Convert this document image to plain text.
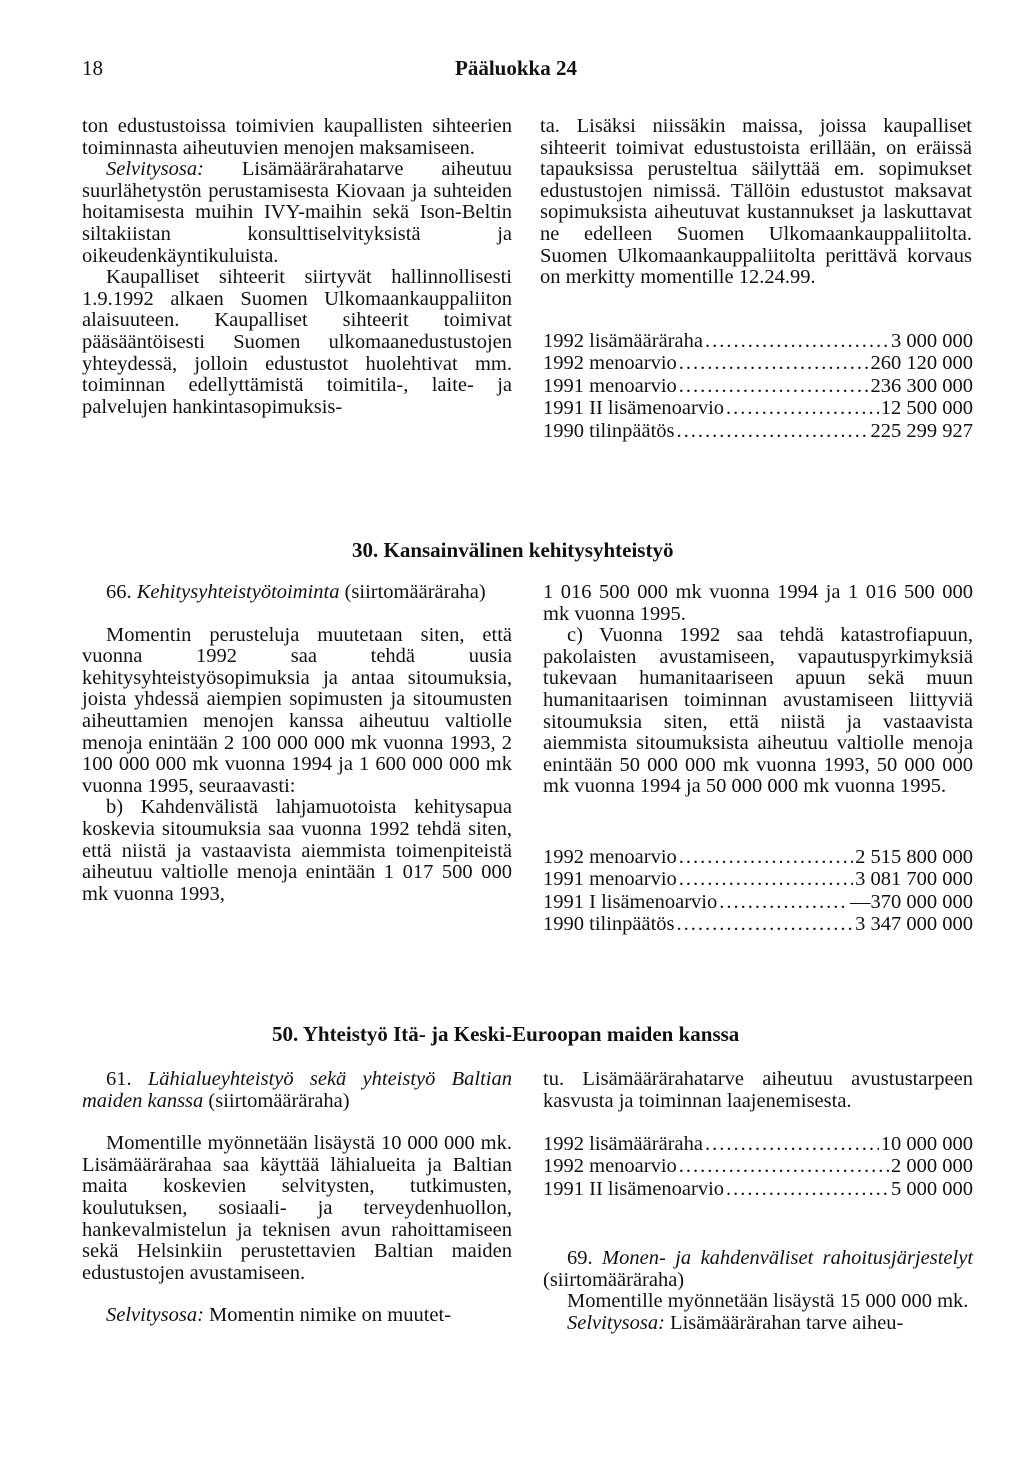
18	Pääluokka 24

ton edustustoissa toimivien kaupallisten sihteerien toiminnasta aiheutuvien menojen maksamiseen.

Selvitysosa: Lisämäärärahatarve aiheutuu suurlähetystön perustamisesta Kiovaan ja suhteiden hoitamisesta muihin IVY-maihin sekä Ison-Beltin siltakiistan konsulttiselvityksistä ja oikeudenkäyntikuluista.

Kaupalliset sihteerit siirtyvät hallinnollisesti 1.9.1992 alkaen Suomen Ulkomaankauppaliiton alaisuuteen. Kaupalliset sihteerit toimivat pääsääntöisesti Suomen ulkomaanedustustojen yhteydessä, jolloin edustustot huolehtivat mm. toiminnan edellyttämistä toimitila-, laite- ja palvelujen hankintasopimuksis-

ta. Lisäksi niissäkin maissa, joissa kaupalliset sihteerit toimivat edustustoista erillään, on eräissä tapauksissa perusteltua säilyttää em. sopimukset edustustojen nimissä. Tällöin edustustot maksavat sopimuksista aiheutuvat kustannukset ja laskuttavat ne edelleen Suomen Ulkomaankauppaliitolta. Suomen Ulkomaankauppaliitolta perittävä korvaus on merkitty momentille 12.24.99.

1992 lisämääräraha .....	3 000 000
1992 menoarvio .....	260 120 000
1991 menoarvio .....	236 300 000
1991 II lisämenoarvio .....	12 500 000
1990 tilinpäätös .....	225 299 927
30. Kansainvälinen kehitysyhteistyö

66. Kehitysyhteistyötoiminta (siirtomääräraha)

Momentin perusteluja muutetaan siten, että vuonna 1992 saa tehdä uusia kehitysyhteistyösopimuksia ja antaa sitoumuksia, joista yhdessä aiempien sopimusten ja sitoumusten aiheuttamien menojen kanssa aiheutuu valtiolle menoja enintään 2 100 000 000 mk vuonna 1993, 2 100 000 000 mk vuonna 1994 ja 1 600 000 000 mk vuonna 1995, seuraavasti:

b) Kahdenvälistä lahjamuotoista kehitysapua koskevia sitoumuksia saa vuonna 1992 tehdä siten, että niistä ja vastaavista aiemmista toimenpiteistä aiheutuu valtiolle menoja enintään 1 017 500 000 mk vuonna 1993,

1 016 500 000 mk vuonna 1994 ja 1 016 500 000 mk vuonna 1995.

c) Vuonna 1992 saa tehdä katastrofiapuun, pakolaisten avustamiseen, vapautuspyrkimyksiä tukevaan humanitaariseen apuun sekä muun humanitaarisen toiminnan avustamiseen liittyviä sitoumuksia siten, että niistä ja vastaavista aiemmista sitoumuksista aiheutuu valtiolle menoja enintään 50 000 000 mk vuonna 1993, 50 000 000 mk vuonna 1994 ja 50 000 000 mk vuonna 1995.

1992 menoarvio .....	2 515 800 000
1991 menoarvio .....	3 081 700 000
1991 I lisämenoarvio .....	—370 000 000
1990 tilinpäätös .....	3 347 000 000
50. Yhteistyö Itä- ja Keski-Euroopan maiden kanssa

61. Lähialueyhteistyö sekä yhteistyö Baltian maiden kanssa (siirtomääräraha)

Momentille myönnetään lisäystä 10 000 000 mk. Lisämäärärahaa saa käyttää lähialueita ja Baltian maita koskevien selvitysten, tutkimusten, koulutuksen, sosiaali- ja terveydenhuollon, hankevalmistelun ja teknisen avun rahoittamiseen sekä Helsinkiin perustettavien Baltian maiden edustustojen avustamiseen.

Selvitysosa: Momentin nimike on muutet-

tu. Lisämäärärahatarve aiheutuu avustustarpeen kasvusta ja toiminnan laajenemisesta.

1992 lisämääräraha .....	10 000 000
1992 menoarvio .....	2 000 000
1991 II lisämenoarvio .....	5 000 000

69. Monen- ja kahdenväliset rahoitusjärjestelyt (siirtomääräraha)

Momentille myönnetään lisäystä 15 000 000 mk.

Selvitysosa: Lisämäärärahan tarve aiheu-
